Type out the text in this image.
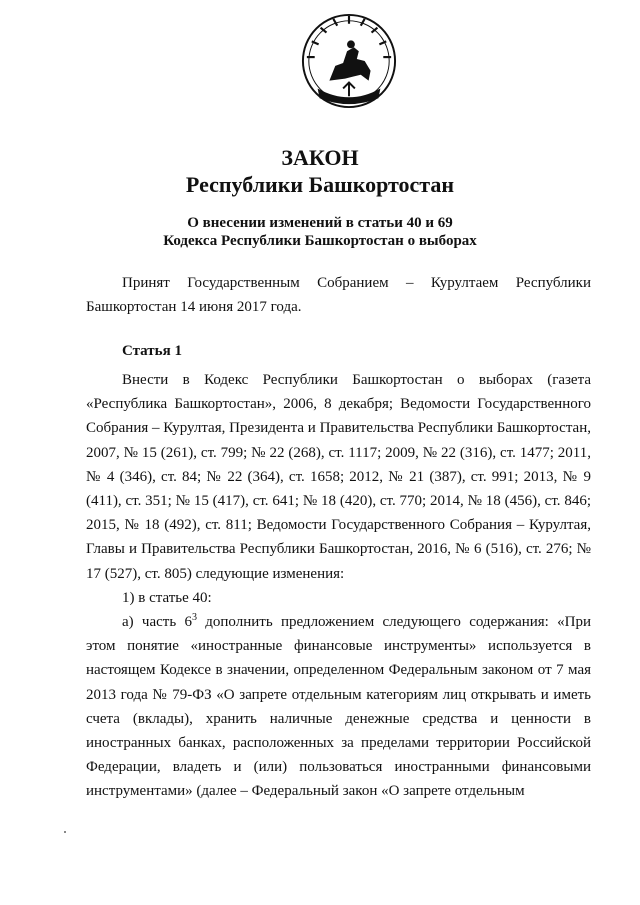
ЗАКОН
Республики Башкортостан
О внесении изменений в статьи 40 и 69
Кодекса Республики Башкортостан о выборах
Принят Государственным Собранием – Курултаем Республики Башкортостан 14 июня 2017 года.
Статья 1

Внести в Кодекс Республики Башкортостан о выборах (газета «Республика Башкортостан», 2006, 8 декабря; Ведомости Государственного Собрания – Курултая, Президента и Правительства Республики Башкортостан, 2007, № 15 (261), ст. 799; № 22 (268), ст. 1117; 2009, № 22 (316), ст. 1477; 2011, № 4 (346), ст. 84; № 22 (364), ст. 1658; 2012, № 21 (387), ст. 991; 2013, № 9 (411), ст. 351; № 15 (417), ст. 641; № 18 (420), ст. 770; 2014, № 18 (456), ст. 846; 2015, № 18 (492), ст. 811; Ведомости Государственного Собрания – Курултая, Главы и Правительства Республики Башкортостан, 2016, № 6 (516), ст. 276; № 17 (527), ст. 805) следующие изменения:

1) в статье 40:

а) часть $6^3$ дополнить предложением следующего содержания: «При этом понятие «иностранные финансовые инструменты» используется в настоящем Кодексе в значении, определенном Федеральным законом от 7 мая 2013 года № 79-ФЗ «О запрете отдельным категориям лиц открывать и иметь счета (вклады), хранить наличные денежные средства и ценности в иностранных банках, расположенных за пределами территории Российской Федерации, владеть и (или) пользоваться иностранными финансовыми инструментами» (далее – Федеральный закон «О запрете отдельным
